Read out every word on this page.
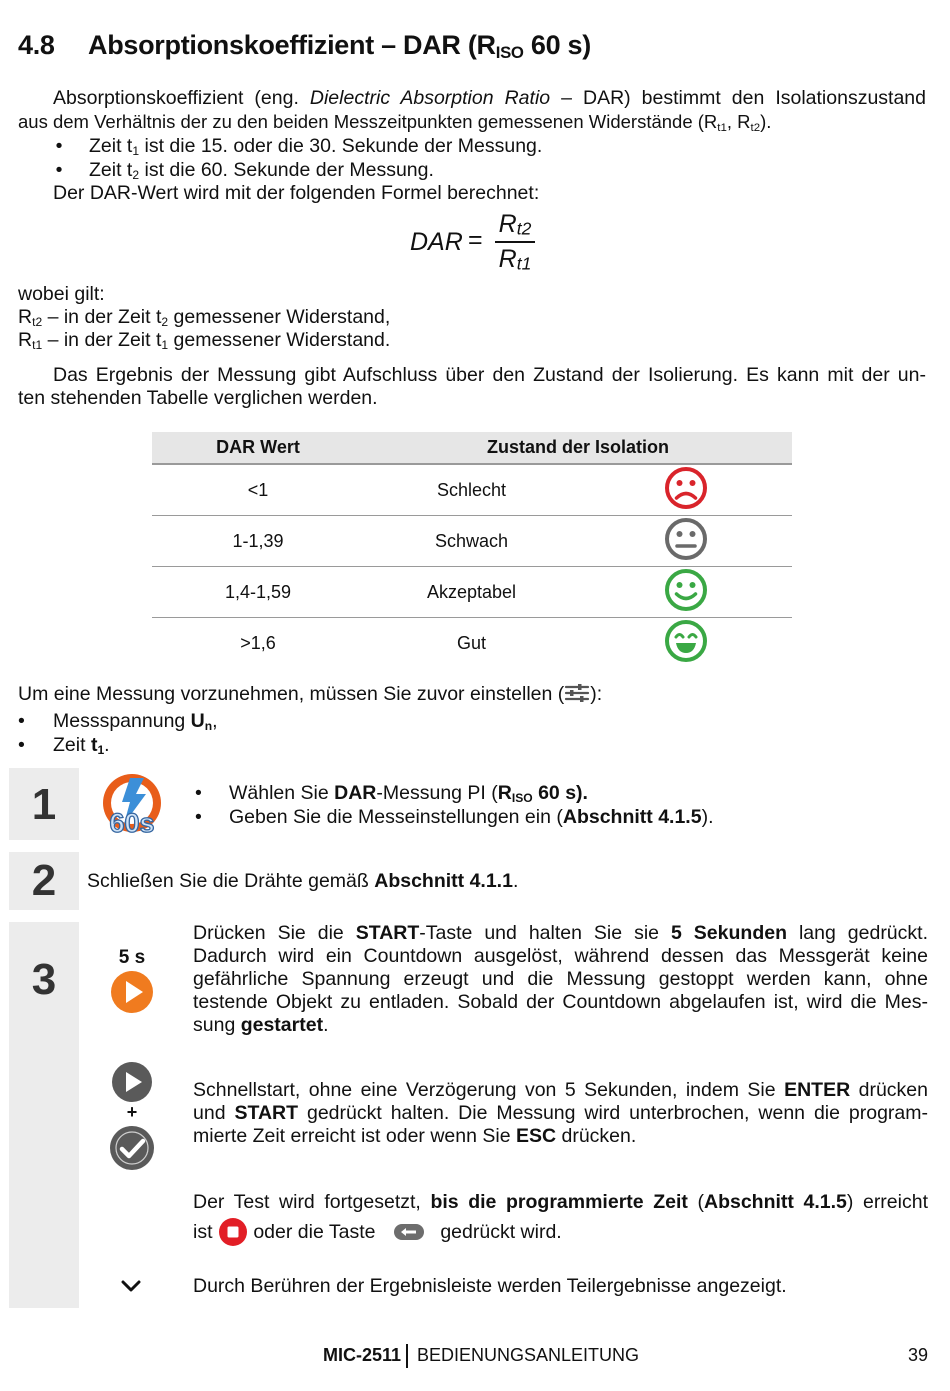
4.8 Absorptionskoeffizient – DAR ($R_{ISO}$ 60 s)
Absorptionskoeffizient (eng. Dielectric Absorption Ratio – DAR) bestimmt den Isolationszustand
aus dem Verhältnis der zu den beiden Messzeitpunkten gemessenen Widerstände ($R_{t1}$, $R_{t2}$).
• Zeit $t_1$ ist die 15. oder die 30. Sekunde der Messung.
• Zeit $t_2$ ist die 60. Sekunde der Messung.
Der DAR-Wert wird mit der folgenden Formel berechnet:
DAR =
$R_{t2}$
$R_{t1}$
wobei gilt:
$R_{t2}$ – in der Zeit $t_2$ gemessener Widerstand,
$R_{t1}$ – in der Zeit $t_1$ gemessener Widerstand.
Das Ergebnis der Messung gibt Aufschluss über den Zustand der Isolierung. Es kann mit der un-
ten stehenden Tabelle verglichen werden.
DAR Wert	Zustand der Isolation	
<1	Schlecht	
1-1,39	Schwach	
1,4-1,59	Akzeptabel	
>1,6	Gut	
Um eine Messung vorzunehmen, müssen Sie zuvor einstellen ( ):
• Messspannung $U_n$,
• Zeit $t_1$.
1	60s
• Wählen Sie DAR-Messung PI ($R_{ISO}$ 60 s).
• Geben Sie die Messeinstellungen ein (Abschnitt 4.1.5).
2	Schließen Sie die Drähte gemäß Abschnitt 4.1.1.
3	5 s
Drücken Sie die START-Taste und halten Sie sie 5 Sekunden lang gedrückt.
Dadurch wird ein Countdown ausgelöst, während dessen das Messgerät keine
gefährliche Spannung erzeugt und die Messung gestoppt werden kann, ohne
testende Objekt zu entladen. Sobald der Countdown abgelaufen ist, wird die Mes-
sung gestartet.
+
Schnellstart, ohne eine Verzögerung von 5 Sekunden, indem Sie ENTER drücken
und START gedrückt halten. Die Messung wird unterbrochen, wenn die program-
mierte Zeit erreicht ist oder wenn Sie ESC drücken.
Der Test wird fortgesetzt, bis die programmierte Zeit (Abschnitt 4.1.5) erreicht
ist oder die Taste	gedrückt wird.
Durch Berühren der Ergebnisleiste werden Teilergebnisse angezeigt.
MIC-2511 BEDIENUNGSANLEITUNG	39
